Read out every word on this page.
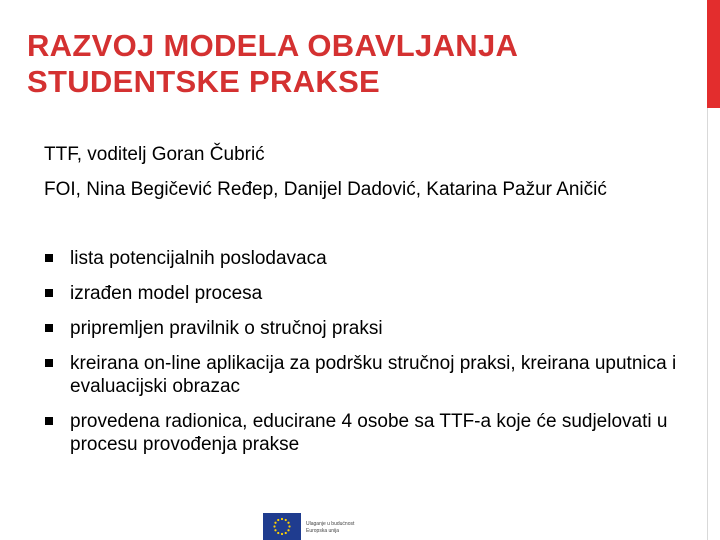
RAZVOJ MODELA OBAVLJANJA
STUDENTSKE PRAKSE

TTF, voditelj Goran Čubrić

FOI, Nina Begičević Ređep, Danijel Dadović, Katarina Pažur Aničić

lista potencijalnih poslodavaca
izrađen model procesa
pripremljen pravilnik o stručnoj praksi
kreirana on-line aplikacija za podršku stručnoj praksi, kreirana uputnica i evaluacijski obrazac
provedena radionica, educirane 4 osobe sa TTF-a koje će sudjelovati u procesu provođenja prakse
Ulaganje u budućnost
Europska unija
